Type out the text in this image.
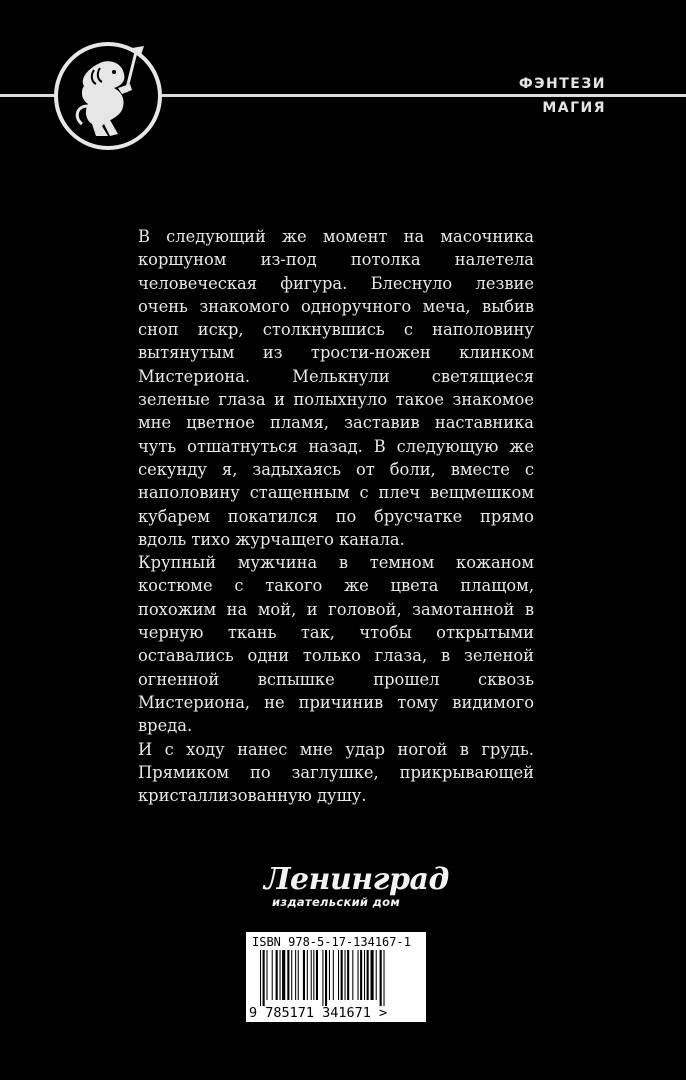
ФЭНТЕЗИ
МАГИЯ

В следующий же момент на масочника коршуном из-под потолка налетела человеческая фигура. Блеснуло лезвие очень знакомого одноручного меча, выбив сноп искр, столкнувшись с наполовину вытянутым из трости-ножен клинком Мистериона. Мелькнули светящиеся зеленые глаза и полыхнуло такое знакомое мне цветное пламя, заставив наставника чуть отшатнуться назад. В следующую же секунду я, задыхаясь от боли, вместе с наполовину стащенным с плеч вещмешком кубарем покатился по брусчатке прямо вдоль тихо журчащего канала.

Крупный мужчина в темном кожаном костюме с такого же цвета плащом, похожим на мой, и головой, замотанной в черную ткань так, чтобы открытыми оставались одни только глаза, в зеленой огненной вспышке прошел сквозь Мистериона, не причинив тому видимого вреда.

И с ходу нанес мне удар ногой в грудь. Прямиком по заглушке, прикрывающей кристаллизованную душу.

Ленинград
издательский дом
ISBN 978-5-17-134167-1
9 785171 341671 >
